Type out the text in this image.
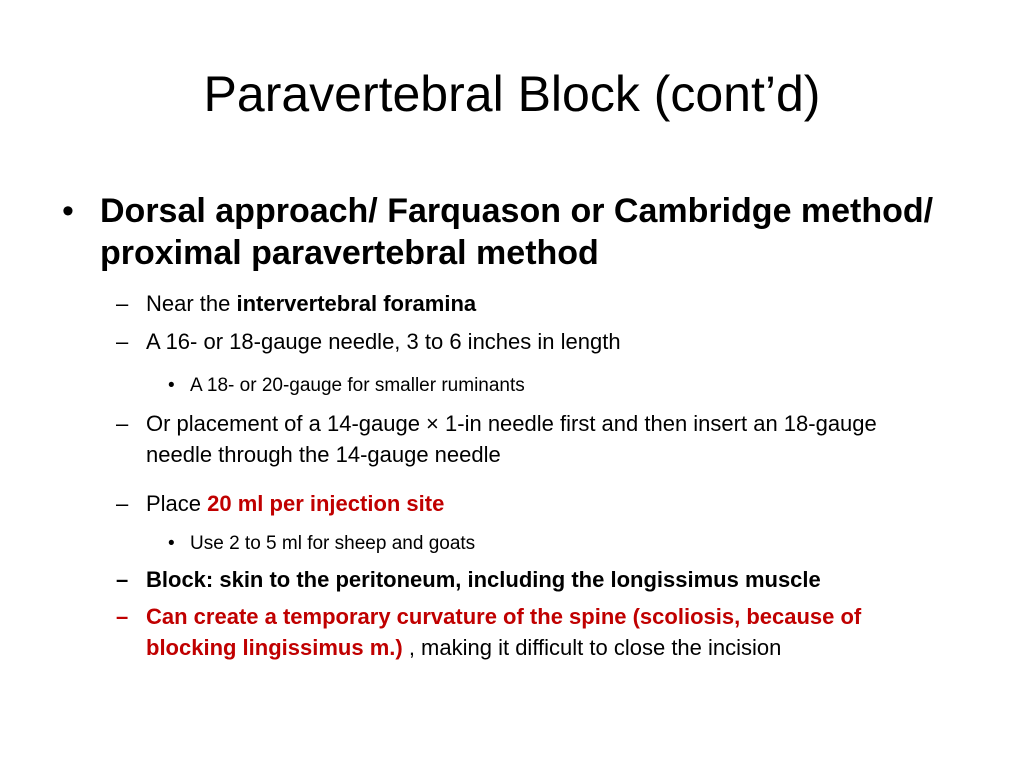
Paravertebral Block (cont’d)
• Dorsal approach/ Farquason or Cambridge method/ proximal paravertebral method
– Near the intervertebral foramina
– A 16- or 18-gauge needle, 3 to 6 inches in length
• A 18- or 20-gauge for smaller ruminants
– Or placement of a 14-gauge × 1-in needle first and then insert an 18-gauge needle through the 14-gauge needle
– Place 20 ml per injection site
• Use 2 to 5 ml for sheep and goats
– Block: skin to the peritoneum, including the longissimus muscle
– Can create a temporary curvature of the spine (scoliosis, because of blocking lingissimus m.) , making it difficult to close the incision
